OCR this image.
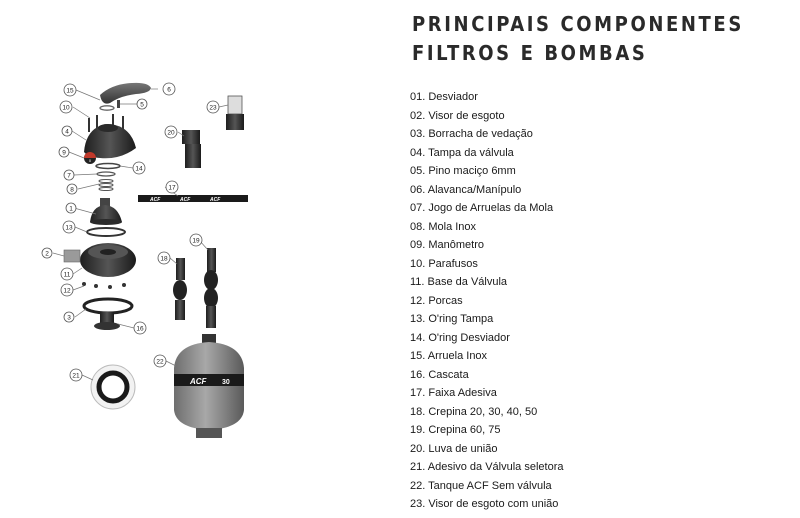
0
ACF	ACF	ACF
ACF 30
1
2
3
4
5
6
7
8
9
10
11
12
13
14
15
16
17
18
19
20
21
22
23
PRINCIPAIS COMPONENTES FILTROS E BOMBAS
01. Desviador
02. Visor de esgoto
03. Borracha de vedação
04. Tampa da válvula
05. Pino maciço 6mm
06. Alavanca/Manípulo
07. Jogo de Arruelas da Mola
08. Mola Inox
09. Manômetro
10. Parafusos
11. Base da Válvula
12. Porcas
13. O'ring Tampa
14. O'ring Desviador
15. Arruela Inox
16. Cascata
17. Faixa Adesiva
18. Crepina 20, 30, 40, 50
19. Crepina 60, 75
20. Luva de união
21. Adesivo da Válvula seletora
22. Tanque ACF Sem válvula
23. Visor de esgoto com união
